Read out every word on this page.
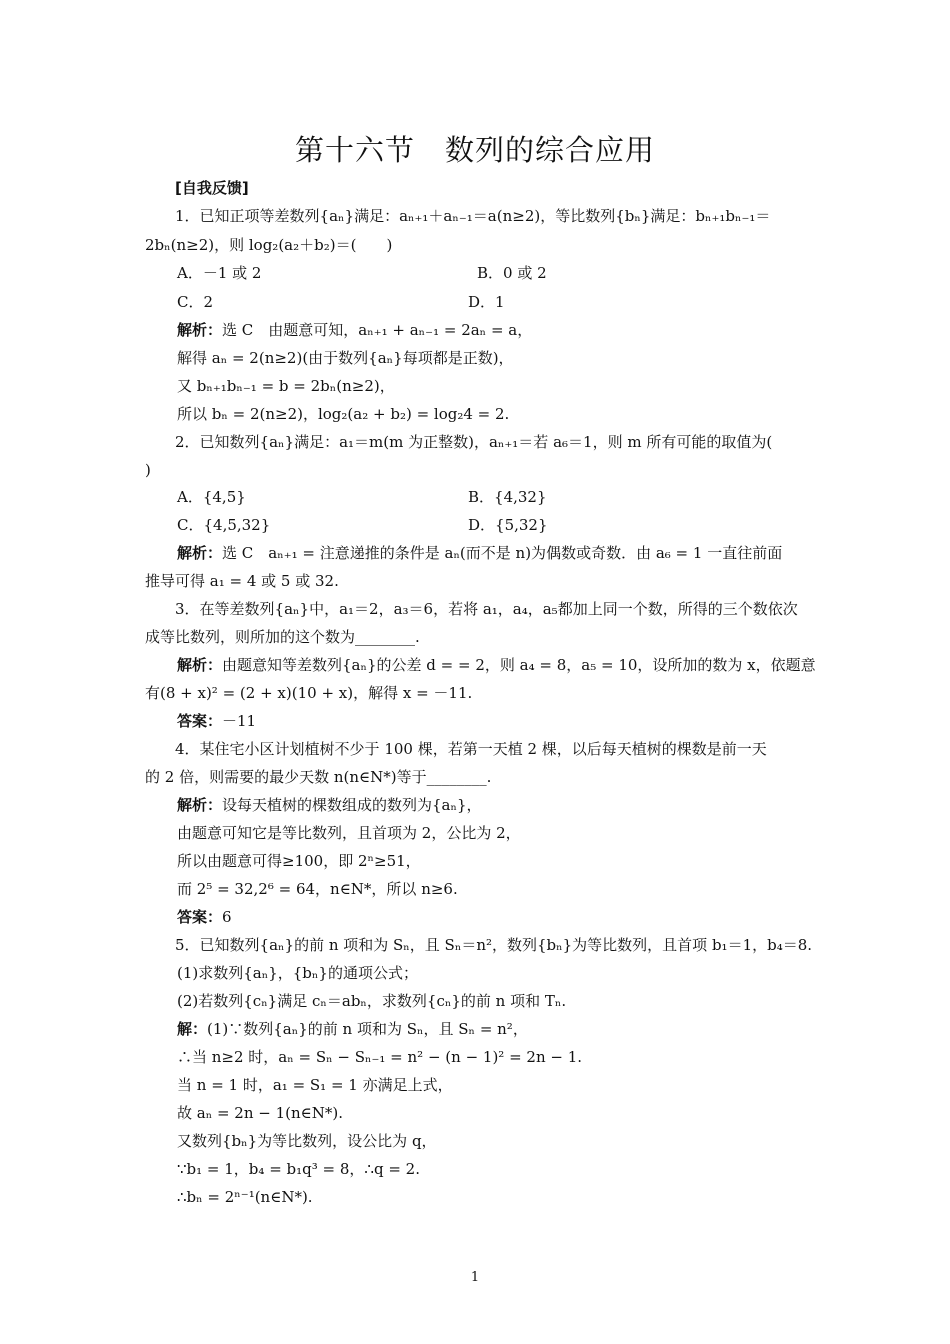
第十六节　数列的综合应用
[自我反馈]
1．已知正项等差数列{aₙ}满足：aₙ₊₁＋aₙ₋₁＝a(n≥2)，等比数列{bₙ}满足：bₙ₊₁bₙ₋₁＝
2bₙ(n≥2)，则 log₂(a₂＋b₂)＝(　　)
A．－1 或 2	B．0 或 2
C．2	D．1
解析：选 C　由题意可知，aₙ₊₁ + aₙ₋₁ = 2aₙ = a，
解得 aₙ = 2(n≥2)(由于数列{aₙ}每项都是正数)，
又 bₙ₊₁bₙ₋₁ = b = 2bₙ(n≥2)，
所以 bₙ = 2(n≥2)，log₂(a₂ + b₂) = log₂4 = 2.
2．已知数列{aₙ}满足：a₁＝m(m 为正整数)，aₙ₊₁＝若 a₆＝1，则 m 所有可能的取值为(
)
A．{4,5}	B．{4,32}
C．{4,5,32}	D．{5,32}
解析：选 C　aₙ₊₁ = 注意递推的条件是 aₙ(而不是 n)为偶数或奇数．由 a₆ = 1 一直往前面
推导可得 a₁ = 4 或 5 或 32.
3．在等差数列{aₙ}中，a₁＝2，a₃＝6，若将 a₁，a₄，a₅都加上同一个数，所得的三个数依次
成等比数列，则所加的这个数为________.
解析：由题意知等差数列{aₙ}的公差 d = = 2，则 a₄ = 8，a₅ = 10，设所加的数为 x，依题意
有(8 + x)² = (2 + x)(10 + x)，解得 x = －11.
答案：－11
4．某住宅小区计划植树不少于 100 棵，若第一天植 2 棵，以后每天植树的棵数是前一天
的 2 倍，则需要的最少天数 n(n∈N*)等于________.
解析：设每天植树的棵数组成的数列为{aₙ}，
由题意可知它是等比数列，且首项为 2，公比为 2，
所以由题意可得≥100，即 2ⁿ≥51，
而 2⁵ = 32,2⁶ = 64，n∈N*，所以 n≥6.
答案：6
5．已知数列{aₙ}的前 n 项和为 Sₙ，且 Sₙ＝n²，数列{bₙ}为等比数列，且首项 b₁＝1，b₄＝8.
(1)求数列{aₙ}，{bₙ}的通项公式；
(2)若数列{cₙ}满足 cₙ＝abₙ，求数列{cₙ}的前 n 项和 Tₙ.
解：(1)∵数列{aₙ}的前 n 项和为 Sₙ，且 Sₙ = n²，
∴当 n≥2 时，aₙ = Sₙ − Sₙ₋₁ = n² − (n − 1)² = 2n − 1.
当 n = 1 时，a₁ = S₁ = 1 亦满足上式，
故 aₙ = 2n − 1(n∈N*).
又数列{bₙ}为等比数列，设公比为 q，
∵b₁ = 1，b₄ = b₁q³ = 8，∴q = 2.
∴bₙ = 2ⁿ⁻¹(n∈N*).
1
